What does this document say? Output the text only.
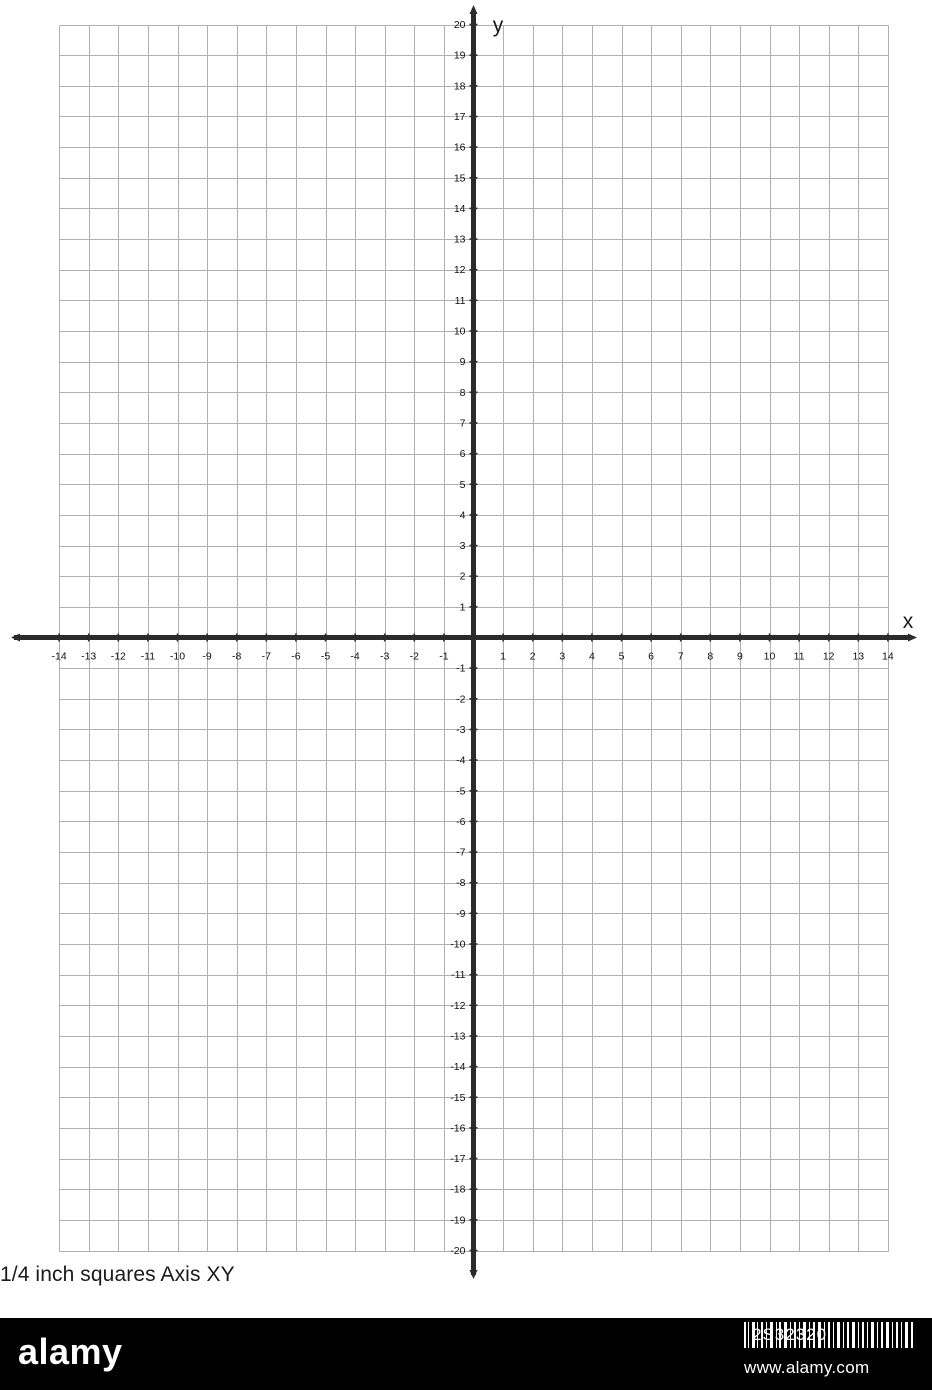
-14 -13 -12 -11 -10 -9 -8 -7 -6 -5 -4 -3 -2 -1	1 2 3 4 5 6 7 8 9 10 11 12 13 14
20
19
18
17
16
15
14
13
12
11
10
9
8
7
6
5
4
3
2
1
-1
-2
-3
-4
-5
-6
-7
-8
-9
-10
-11
-12
-13
-14
-15
-16
-17
-18
-19
-20
x
y
1/4 inch squares Axis XY
alamy	2S32320
www.alamy.com
